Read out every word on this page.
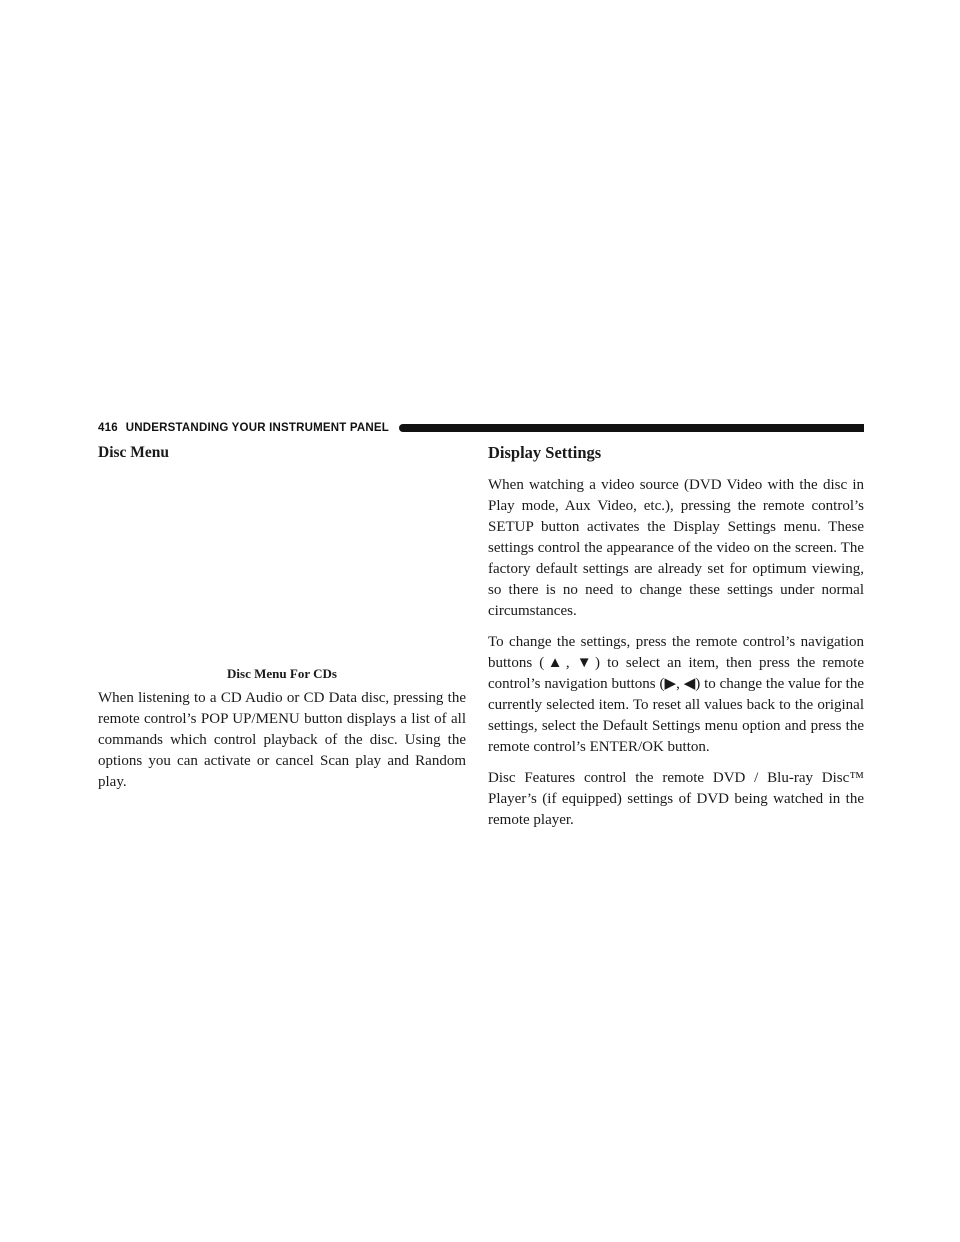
416 UNDERSTANDING YOUR INSTRUMENT PANEL
Disc Menu
Disc Menu For CDs

When listening to a CD Audio or CD Data disc, pressing the remote control’s POP UP/MENU button displays a list of all commands which control playback of the disc. Using the options you can activate or cancel Scan play and Random play.

Display Settings

When watching a video source (DVD Video with the disc in Play mode, Aux Video, etc.), pressing the remote control’s SETUP button activates the Display Settings menu. These settings control the appearance of the video on the screen. The factory default settings are already set for optimum viewing, so there is no need to change these settings under normal circumstances.

To change the settings, press the remote control’s navigation buttons (▲, ▼) to select an item, then press the remote control’s navigation buttons (▶, ◀) to change the value for the currently selected item. To reset all values back to the original settings, select the Default Settings menu option and press the remote control’s ENTER/OK button.

Disc Features control the remote DVD / Blu-ray Disc™ Player’s (if equipped) settings of DVD being watched in the remote player.
